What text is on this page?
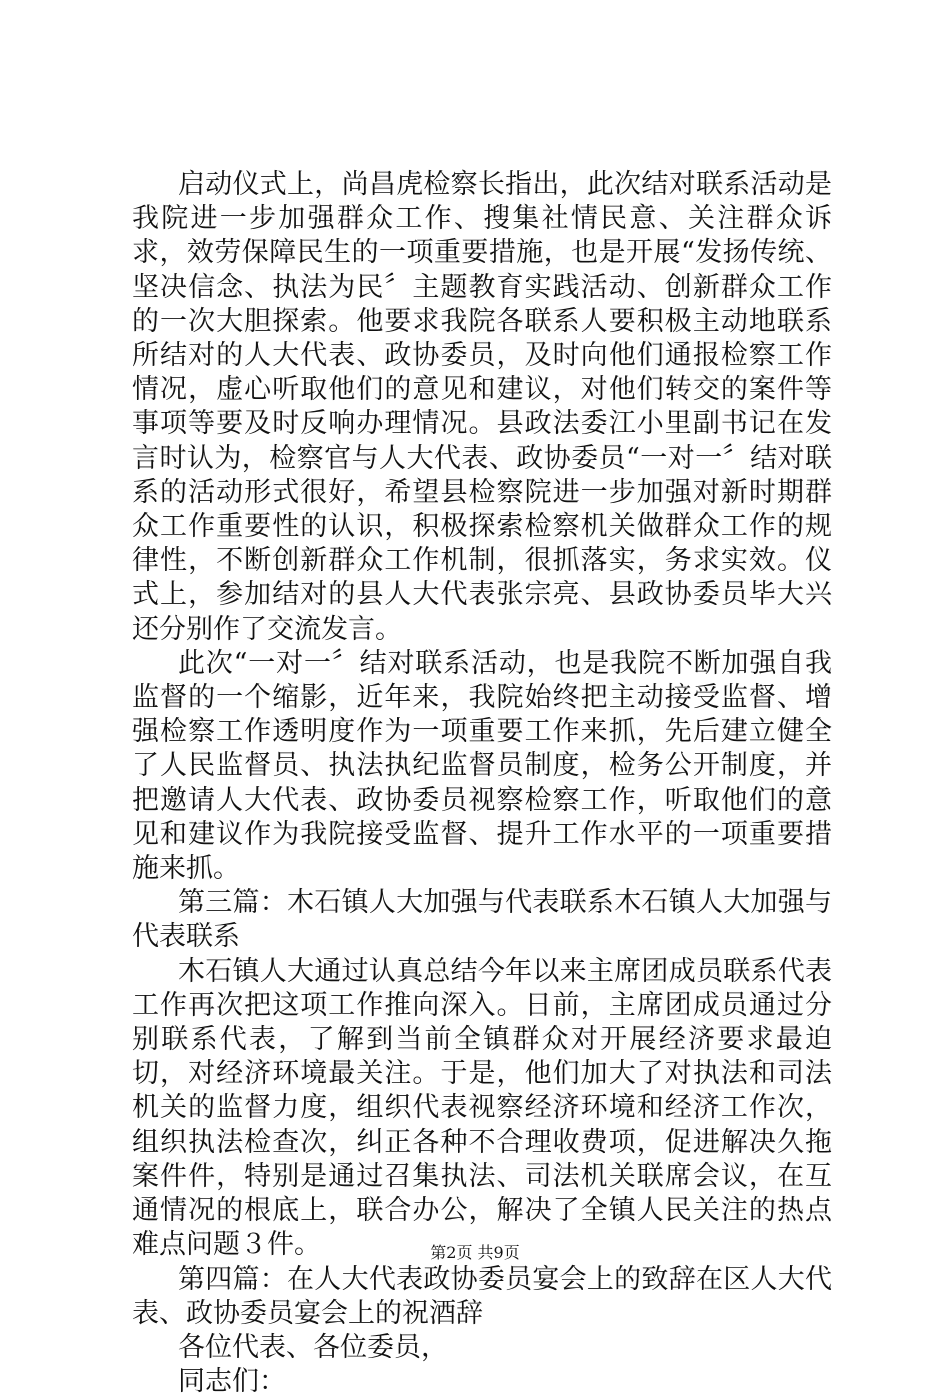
启动仪式上，尚昌虎检察长指出，此次结对联系活动是我院进一步加强群众工作、搜集社情民意、关注群众诉求，效劳保障民生的一项重要措施，也是开展“发扬传统、坚决信念、执法为民〞主题教育实践活动、创新群众工作的一次大胆探索。他要求我院各联系人要积极主动地联系所结对的人大代表、政协委员，及时向他们通报检察工作情况，虚心听取他们的意见和建议，对他们转交的案件等事项等要及时反响办理情况。县政法委江小里副书记在发言时认为，检察官与人大代表、政协委员“一对一〞结对联系的活动形式很好，希望县检察院进一步加强对新时期群众工作重要性的认识，积极探索检察机关做群众工作的规律性，不断创新群众工作机制，很抓落实，务求实效。仪式上，参加结对的县人大代表张宗亮、县政协委员毕大兴还分别作了交流发言。

此次“一对一〞结对联系活动，也是我院不断加强自我监督的一个缩影，近年来，我院始终把主动接受监督、增强检察工作透明度作为一项重要工作来抓，先后建立健全了人民监督员、执法执纪监督员制度，检务公开制度，并把邀请人大代表、政协委员视察检察工作，听取他们的意见和建议作为我院接受监督、提升工作水平的一项重要措施来抓。

第三篇：木石镇人大加强与代表联系木石镇人大加强与代表联系

木石镇人大通过认真总结今年以来主席团成员联系代表工作再次把这项工作推向深入。日前，主席团成员通过分别联系代表，了解到当前全镇群众对开展经济要求最迫切，对经济环境最关注。于是，他们加大了对执法和司法机关的监督力度，组织代表视察经济环境和经济工作次，组织执法检查次，纠正各种不合理收费项，促进解决久拖案件件，特别是通过召集执法、司法机关联席会议，在互通情况的根底上，联合办公，解决了全镇人民关注的热点难点问题３件。

第四篇：在人大代表政协委员宴会上的致辞在区人大代表、政协委员宴会上的祝酒辞

各位代表、各位委员，

同志们：

第2页 共9页
